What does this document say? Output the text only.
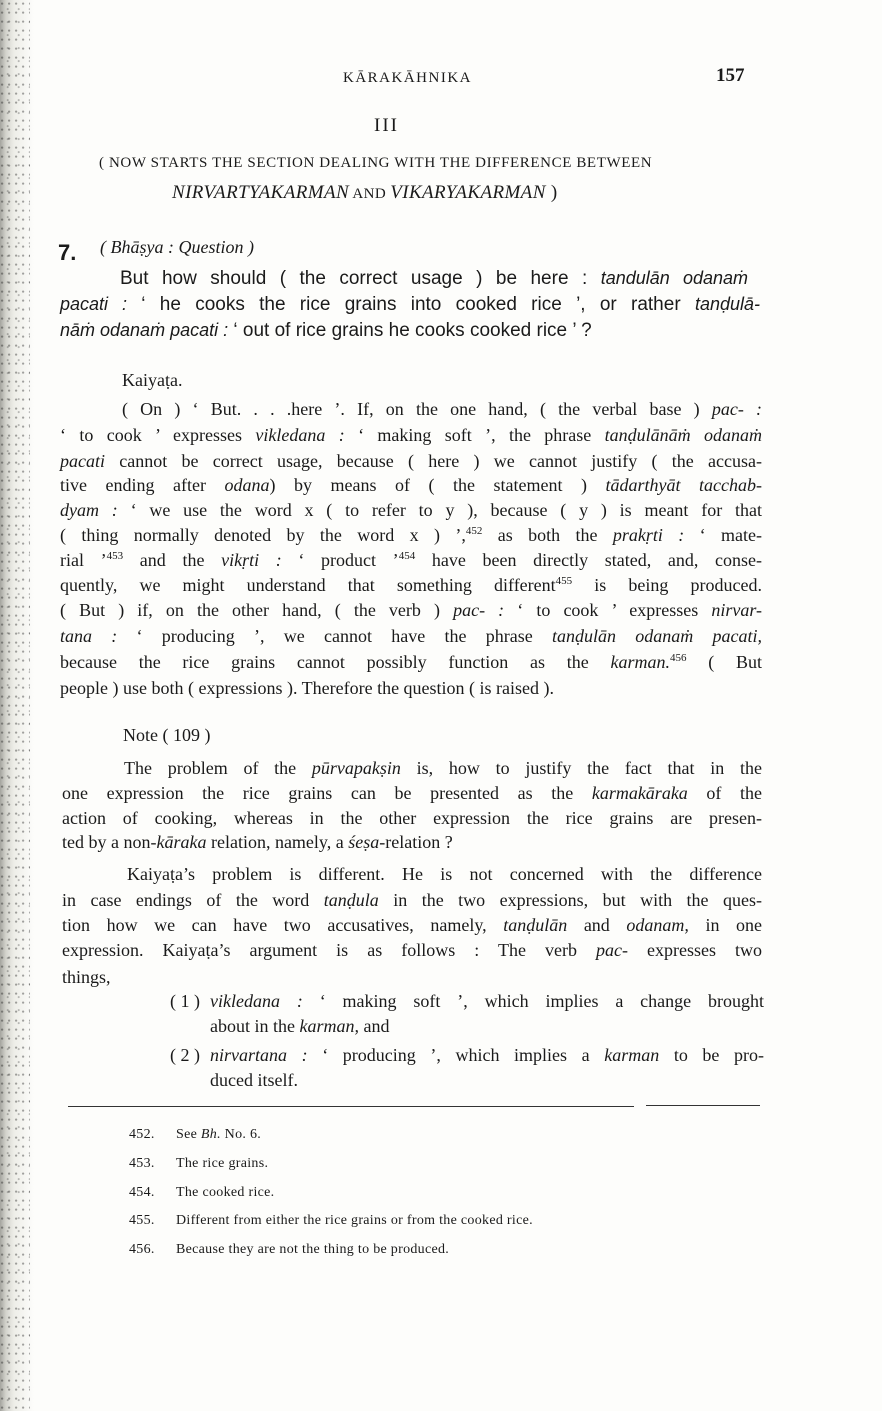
KĀRAKĀHNIKA	157
III
( NOW STARTS THE SECTION DEALING WITH THE DIFFERENCE BETWEEN
NIRVARTYAKARMAN AND VIKARYAKARMAN )
7. ( Bhāṣya : Question )
But how should ( the correct usage ) be here : tandulān odanaṁ
pacati : ‘ he cooks the rice grains into cooked rice ’, or rather tanḍulā-
nāṁ odanaṁ pacati : ‘ out of rice grains he cooks cooked rice ’ ?
Kaiyaṭa.
( On ) ‘ But. . . .here ’. If, on the one hand, ( the verbal base ) pac- :
‘ to cook ’ expresses vikledana : ‘ making soft ’, the phrase tanḍulānāṁ odanaṁ
pacati cannot be correct usage, because ( here ) we cannot justify ( the accusa-
tive ending after odana) by means of ( the statement ) tādarthyāt tacchab-
dyam : ‘ we use the word x ( to refer to y ), because ( y ) is meant for that
( thing normally denoted by the word x ) ’,$^{452}$ as both the prakṛti : ‘ mate-
rial ’$^{453}$ and the vikṛti : ‘ product ’$^{454}$ have been directly stated, and, conse-
quently, we might understand that something different$^{455}$ is being produced.
( But ) if, on the other hand, ( the verb ) pac- : ‘ to cook ’ expresses nirvar-
tana : ‘ producing ’, we cannot have the phrase tanḍulān odanaṁ pacati,
because the rice grains cannot possibly function as the karman.$^{456}$ ( But
people ) use both ( expressions ). Therefore the question ( is raised ).
Note ( 109 )
The problem of the pūrvapakṣin is, how to justify the fact that in the
one expression the rice grains can be presented as the karmakāraka of the
action of cooking, whereas in the other expression the rice grains are presen-
ted by a non-kāraka relation, namely, a śeṣa-relation ?
Kaiyaṭa’s problem is different. He is not concerned with the difference
in case endings of the word tanḍula in the two expressions, but with the ques-
tion how we can have two accusatives, namely, tanḍulān and odanam, in one
expression. Kaiyaṭa’s argument is as follows : The verb pac- expresses two
things,
( 1 ) vikledana : ‘ making soft ’, which implies a change brought
about in the karman, and
( 2 ) nirvartana : ‘ producing ’, which implies a karman to be pro-
duced itself.
452. See Bh. No. 6.
453. The rice grains.
454. The cooked rice.
455. Different from either the rice grains or from the cooked rice.
456. Because they are not the thing to be produced.
